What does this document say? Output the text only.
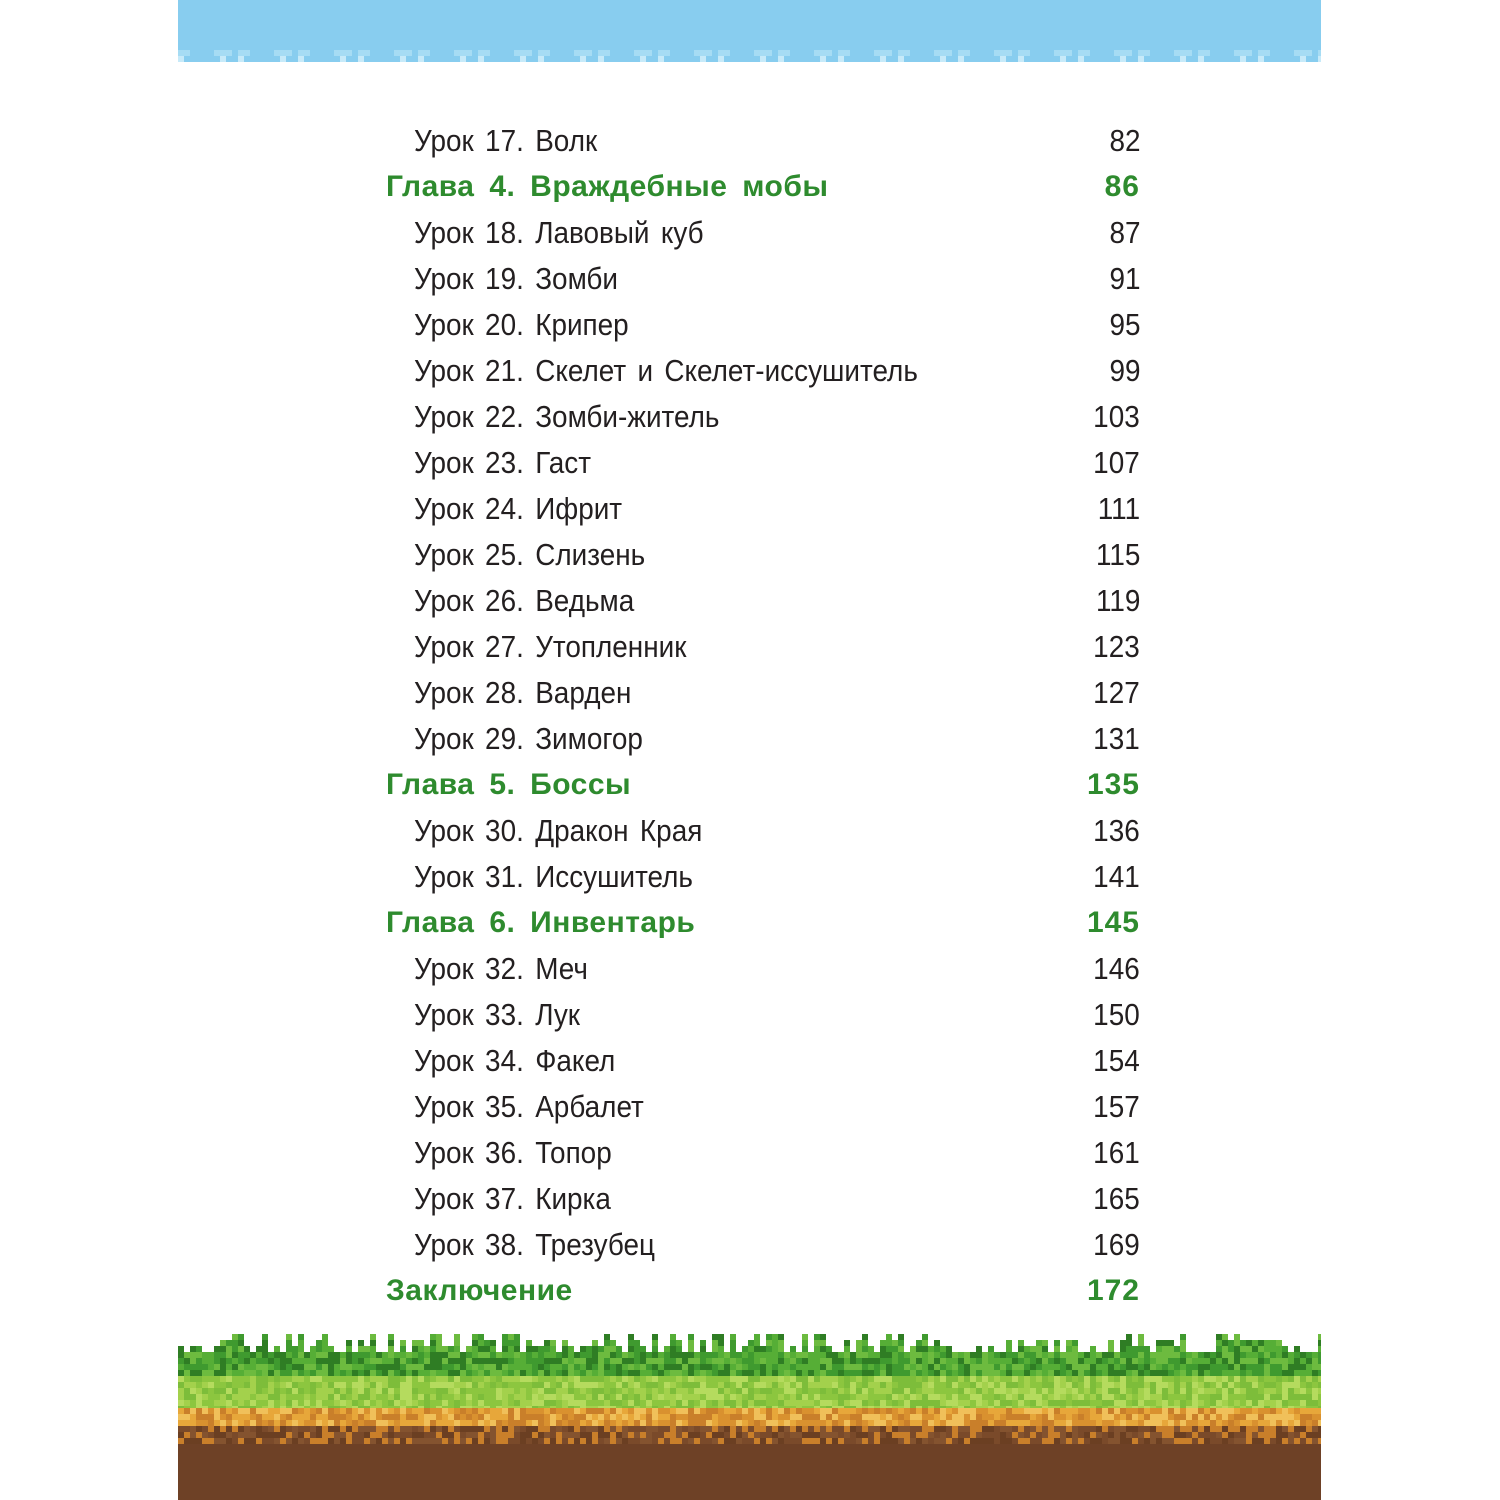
Урок 17. Волк	82
Глава 4. Враждебные мобы	86
Урок 18. Лавовый куб	87
Урок 19. Зомби	91
Урок 20. Крипер	95
Урок 21. Скелет и Скелет-иссушитель	99
Урок 22. Зомби-житель	103
Урок 23. Гаст	107
Урок 24. Ифрит	111
Урок 25. Слизень	115
Урок 26. Ведьма	119
Урок 27. Утопленник	123
Урок 28. Варден	127
Урок 29. Зимогор	131
Глава 5. Боссы	135
Урок 30. Дракон Края	136
Урок 31. Иссушитель	141
Глава 6. Инвентарь	145
Урок 32. Меч	146
Урок 33. Лук	150
Урок 34. Факел	154
Урок 35. Арбалет	157
Урок 36. Топор	161
Урок 37. Кирка	165
Урок 38. Трезубец	169
Заключение	172
